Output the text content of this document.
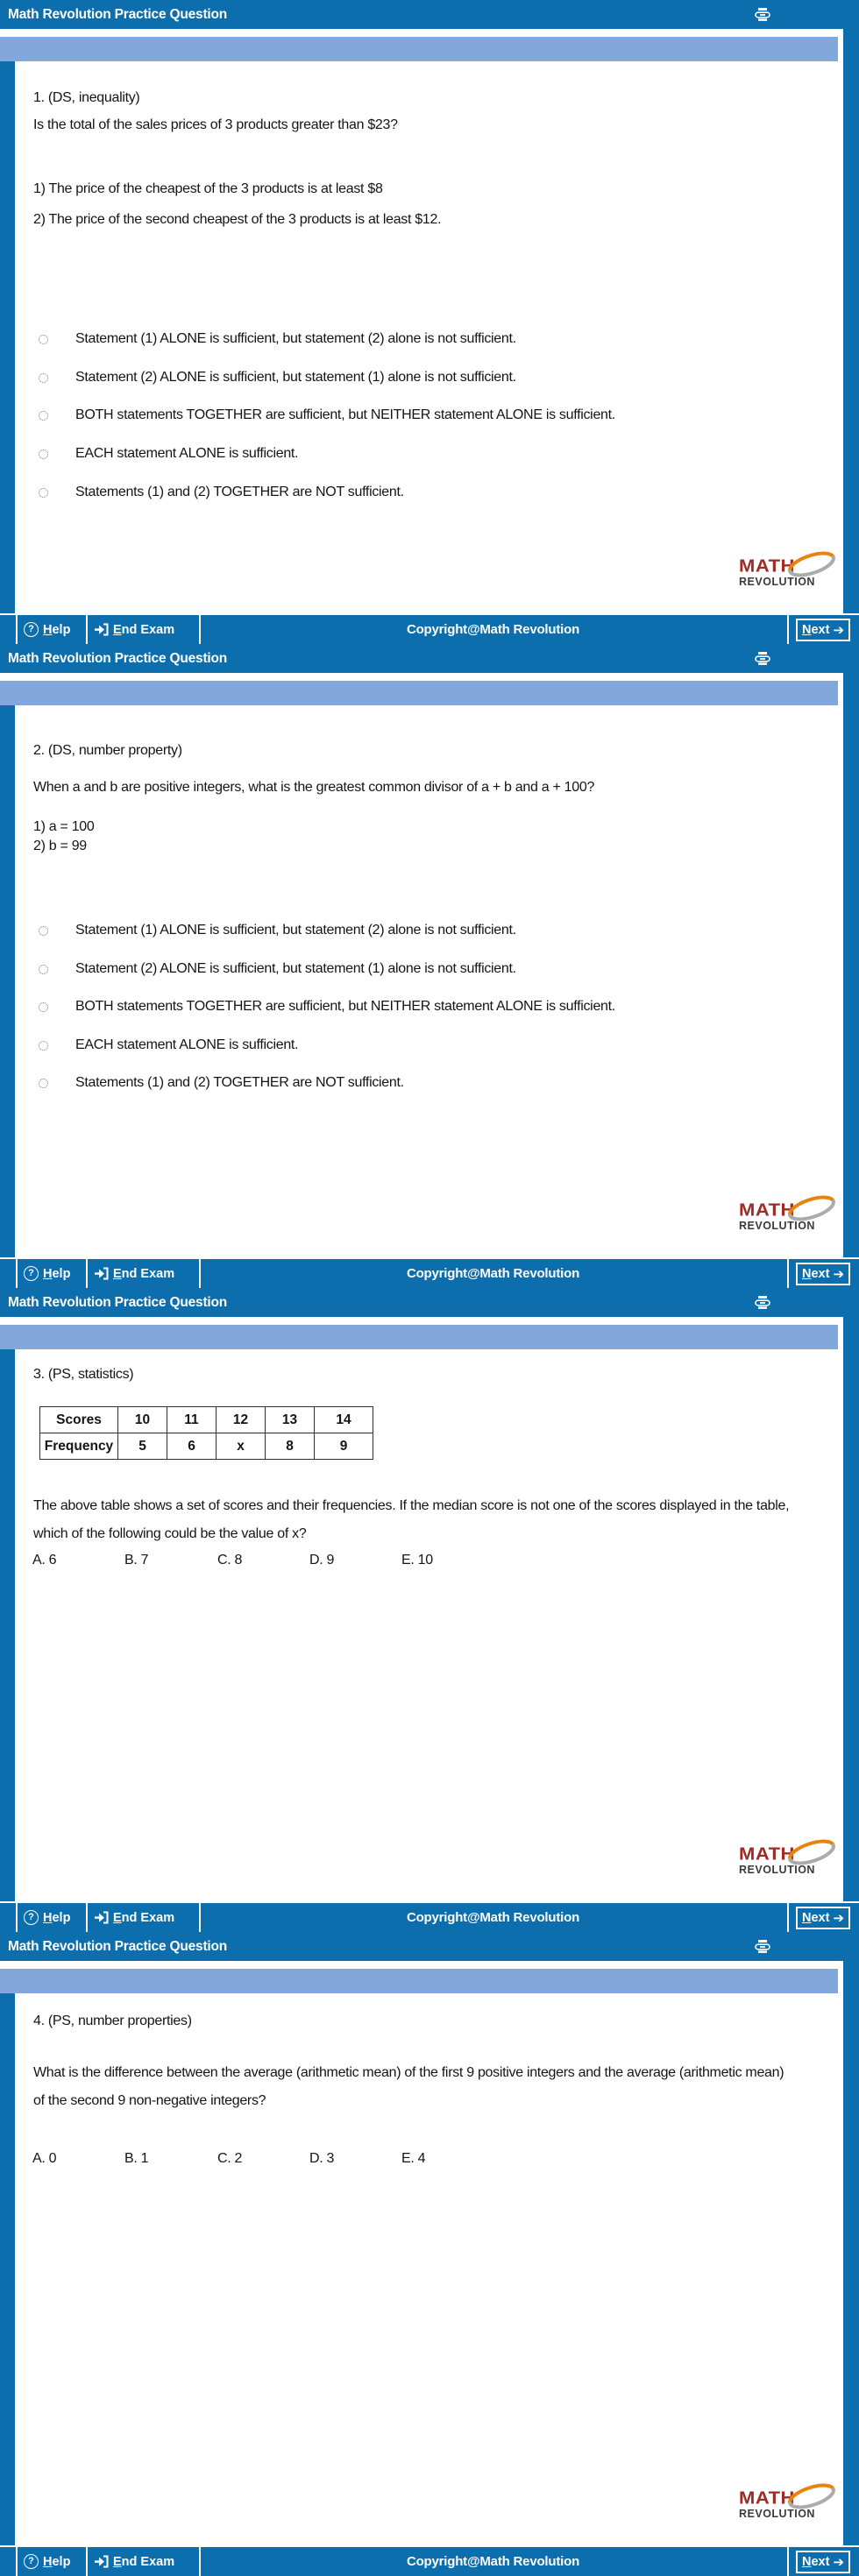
Math Revolution Practice Question
1. (DS, inequality)
Is the total of the sales prices of 3 products greater than $23?
1) The price of the cheapest of the 3 products is at least $8
2) The price of the second cheapest of the 3 products is at least $12.
Statement (1) ALONE is sufficient, but statement (2) alone is not sufficient.
Statement (2) ALONE is sufficient, but statement (1) alone is not sufficient.
BOTH statements TOGETHER are sufficient, but NEITHER statement ALONE is sufficient.
EACH statement ALONE is sufficient.
Statements (1) and (2) TOGETHER are NOT sufficient.
MATH
REVOLUTION
? Help	End Exam	Copyright@Math Revolution	Next ➔
Math Revolution Practice Question
2. (DS, number property)
When a and b are positive integers, what is the greatest common divisor of a + b and a + 100?
1) a = 100
2) b = 99
Statement (1) ALONE is sufficient, but statement (2) alone is not sufficient.
Statement (2) ALONE is sufficient, but statement (1) alone is not sufficient.
BOTH statements TOGETHER are sufficient, but NEITHER statement ALONE is sufficient.
EACH statement ALONE is sufficient.
Statements (1) and (2) TOGETHER are NOT sufficient.
MATH
REVOLUTION
? Help	End Exam	Copyright@Math Revolution	Next ➔
Math Revolution Practice Question
3. (PS, statistics)
Scores	10	11	12	13	14
Frequency	5	6	x	8	9
The above table shows a set of scores and their frequencies. If the median score is not one of the scores displayed in the table, which of the following could be the value of x?
A. 6	B. 7	C. 8	D. 9	E. 10
MATH
REVOLUTION
? Help	End Exam	Copyright@Math Revolution	Next ➔
Math Revolution Practice Question
4. (PS, number properties)
What is the difference between the average (arithmetic mean) of the first 9 positive integers and the average (arithmetic mean) of the second 9 non-negative integers?
A. 0	B. 1	C. 2	D. 3	E. 4
MATH
REVOLUTION
? Help	End Exam	Copyright@Math Revolution	Next ➔
